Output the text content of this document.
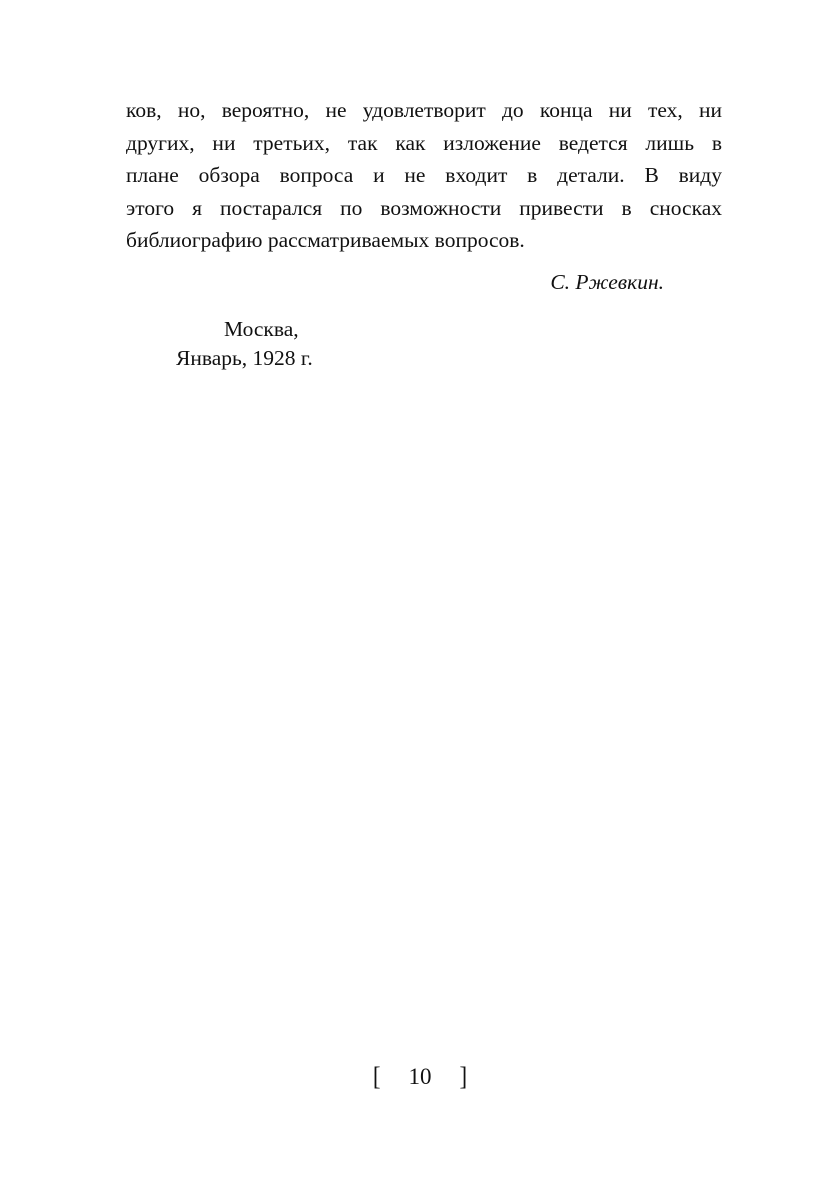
ков, но, вероятно, не удовлетворит до конца ни тех, ни
других, ни третьих, так как изложение ведется лишь в
плане обзора вопроса и не входит в детали. В виду
этого я постарался по возможности привести в сносках
библиографию рассматриваемых вопросов.
С. Ржевкин.
Москва,
Январь, 1928 г.
[ 10 ]
